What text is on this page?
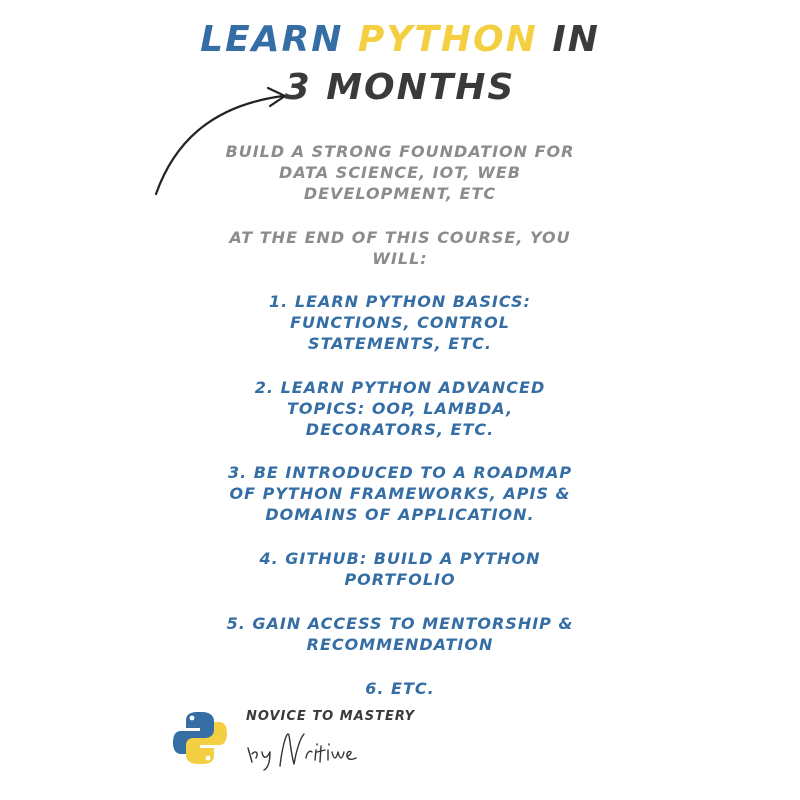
LEARN PYTHON IN
3 MONTHS
BUILD A STRONG FOUNDATION FOR
DATA SCIENCE, IOT, WEB
DEVELOPMENT, ETC
AT THE END OF THIS COURSE, YOU
WILL:
1. LEARN PYTHON BASICS:
FUNCTIONS, CONTROL
STATEMENTS, ETC.
2. LEARN PYTHON ADVANCED
TOPICS: OOP, LAMBDA,
DECORATORS, ETC.
3. BE INTRODUCED TO A ROADMAP
OF PYTHON FRAMEWORKS, APIS &
DOMAINS OF APPLICATION.
4. GITHUB: BUILD A PYTHON
PORTFOLIO
5. GAIN ACCESS TO MENTORSHIP &
RECOMMENDATION
6. ETC.
NOVICE TO MASTERY
